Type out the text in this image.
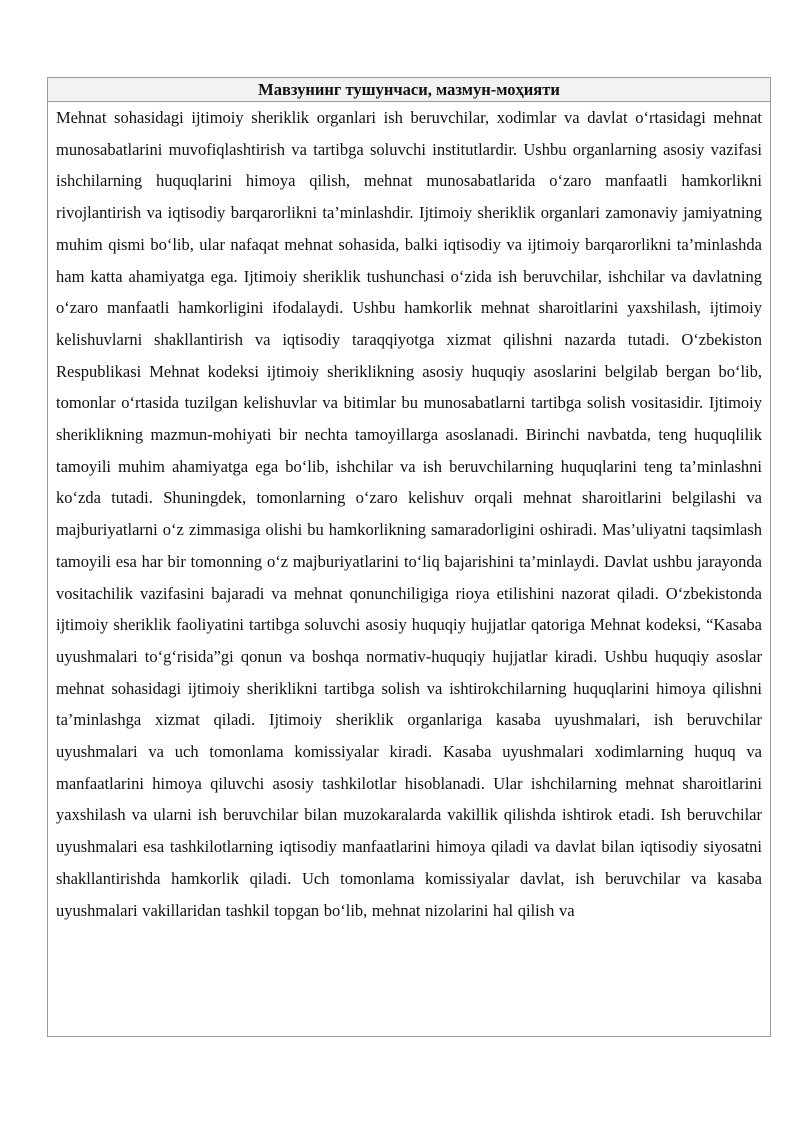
Мавзунинг тушунчаси, мазмун-моҳияти

Mehnat sohasidagi ijtimoiy sheriklik organlari ish beruvchilar, xodimlar va davlat o‘rtasidagi mehnat munosabatlarini muvofiqlashtirish va tartibga soluvchi institutlardir. Ushbu organlarning asosiy vazifasi ishchilarning huquqlarini himoya qilish, mehnat munosabatlarida o‘zaro manfaatli hamkorlikni rivojlantirish va iqtisodiy barqarorlikni ta’minlashdir. Ijtimoiy sheriklik organlari zamonaviy jamiyatning muhim qismi bo‘lib, ular nafaqat mehnat sohasida, balki iqtisodiy va ijtimoiy barqarorlikni ta’minlashda ham katta ahamiyatga ega. Ijtimoiy sheriklik tushunchasi o‘zida ish beruvchilar, ishchilar va davlatning o‘zaro manfaatli hamkorligini ifodalaydi. Ushbu hamkorlik mehnat sharoitlarini yaxshilash, ijtimoiy kelishuvlarni shakllantirish va iqtisodiy taraqqiyotga xizmat qilishni nazarda tutadi. O‘zbekiston Respublikasi Mehnat kodeksi ijtimoiy sheriklikning asosiy huquqiy asoslarini belgilab bergan bo‘lib, tomonlar o‘rtasida tuzilgan kelishuvlar va bitimlar bu munosabatlarni tartibga solish vositasidir. Ijtimoiy sheriklikning mazmun-mohiyati bir nechta tamoyillarga asoslanadi. Birinchi navbatda, teng huquqlilik tamoyili muhim ahamiyatga ega bo‘lib, ishchilar va ish beruvchilarning huquqlarini teng ta’minlashni ko‘zda tutadi. Shuningdek, tomonlarning o‘zaro kelishuv orqali mehnat sharoitlarini belgilashi va majburiyatlarni o‘z zimmasiga olishi bu hamkorlikning samaradorligini oshiradi. Mas’uliyatni taqsimlash tamoyili esa har bir tomonning o‘z majburiyatlarini to‘liq bajarishini ta’minlaydi. Davlat ushbu jarayonda vositachilik vazifasini bajaradi va mehnat qonunchiligiga rioya etilishini nazorat qiladi. O‘zbekistonda ijtimoiy sheriklik faoliyatini tartibga soluvchi asosiy huquqiy hujjatlar qatoriga Mehnat kodeksi, “Kasaba uyushmalari to‘g‘risida”gi qonun va boshqa normativ-huquqiy hujjatlar kiradi. Ushbu huquqiy asoslar mehnat sohasidagi ijtimoiy sheriklikni tartibga solish va ishtirokchilarning huquqlarini himoya qilishni ta’minlashga xizmat qiladi. Ijtimoiy sheriklik organlariga kasaba uyushmalari, ish beruvchilar uyushmalari va uch tomonlama komissiyalar kiradi. Kasaba uyushmalari xodimlarning huquq va manfaatlarini himoya qiluvchi asosiy tashkilotlar hisoblanadi. Ular ishchilarning mehnat sharoitlarini yaxshilash va ularni ish beruvchilar bilan muzokaralarda vakillik qilishda ishtirok etadi. Ish beruvchilar uyushmalari esa tashkilotlarning iqtisodiy manfaatlarini himoya qiladi va davlat bilan iqtisodiy siyosatni shakllantirishda hamkorlik qiladi. Uch tomonlama komissiyalar davlat, ish beruvchilar va kasaba uyushmalari vakillaridan tashkil topgan bo‘lib, mehnat nizolarini hal qilish va
